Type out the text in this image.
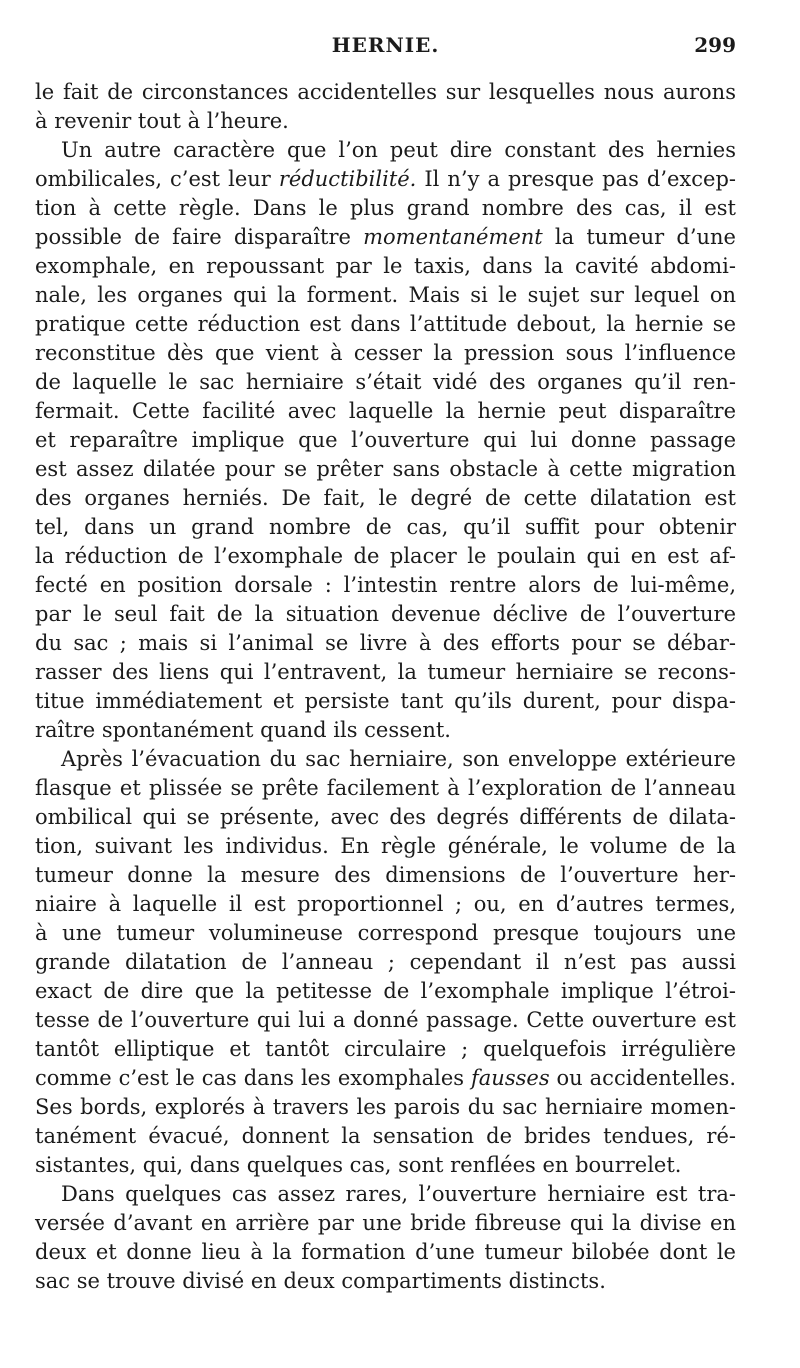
HERNIE.	299
le fait de circonstances accidentelles sur lesquelles nous aurons
à revenir tout à l’heure.
Un autre caractère que l’on peut dire constant des hernies
ombilicales, c’est leur réductibilité. Il n’y a presque pas d’excep-
tion à cette règle. Dans le plus grand nombre des cas, il est
possible de faire disparaître momentanément la tumeur d’une
exomphale, en repoussant par le taxis, dans la cavité abdomi-
nale, les organes qui la forment. Mais si le sujet sur lequel on
pratique cette réduction est dans l’attitude debout, la hernie se
reconstitue dès que vient à cesser la pression sous l’influence
de laquelle le sac herniaire s’était vidé des organes qu’il ren-
fermait. Cette facilité avec laquelle la hernie peut disparaître
et reparaître implique que l’ouverture qui lui donne passage
est assez dilatée pour se prêter sans obstacle à cette migration
des organes herniés. De fait, le degré de cette dilatation est
tel, dans un grand nombre de cas, qu’il suffit pour obtenir
la réduction de l’exomphale de placer le poulain qui en est af-
fecté en position dorsale : l’intestin rentre alors de lui-même,
par le seul fait de la situation devenue déclive de l’ouverture
du sac ; mais si l’animal se livre à des efforts pour se débar-
rasser des liens qui l’entravent, la tumeur herniaire se recons-
titue immédiatement et persiste tant qu’ils durent, pour dispa-
raître spontanément quand ils cessent.
Après l’évacuation du sac herniaire, son enveloppe extérieure
flasque et plissée se prête facilement à l’exploration de l’anneau
ombilical qui se présente, avec des degrés différents de dilata-
tion, suivant les individus. En règle générale, le volume de la
tumeur donne la mesure des dimensions de l’ouverture her-
niaire à laquelle il est proportionnel ; ou, en d’autres termes,
à une tumeur volumineuse correspond presque toujours une
grande dilatation de l’anneau ; cependant il n’est pas aussi
exact de dire que la petitesse de l’exomphale implique l’étroi-
tesse de l’ouverture qui lui a donné passage. Cette ouverture est
tantôt elliptique et tantôt circulaire ; quelquefois irrégulière
comme c’est le cas dans les exomphales fausses ou accidentelles.
Ses bords, explorés à travers les parois du sac herniaire momen-
tanément évacué, donnent la sensation de brides tendues, ré-
sistantes, qui, dans quelques cas, sont renflées en bourrelet.
Dans quelques cas assez rares, l’ouverture herniaire est tra-
versée d’avant en arrière par une bride fibreuse qui la divise en
deux et donne lieu à la formation d’une tumeur bilobée dont le
sac se trouve divisé en deux compartiments distincts.
